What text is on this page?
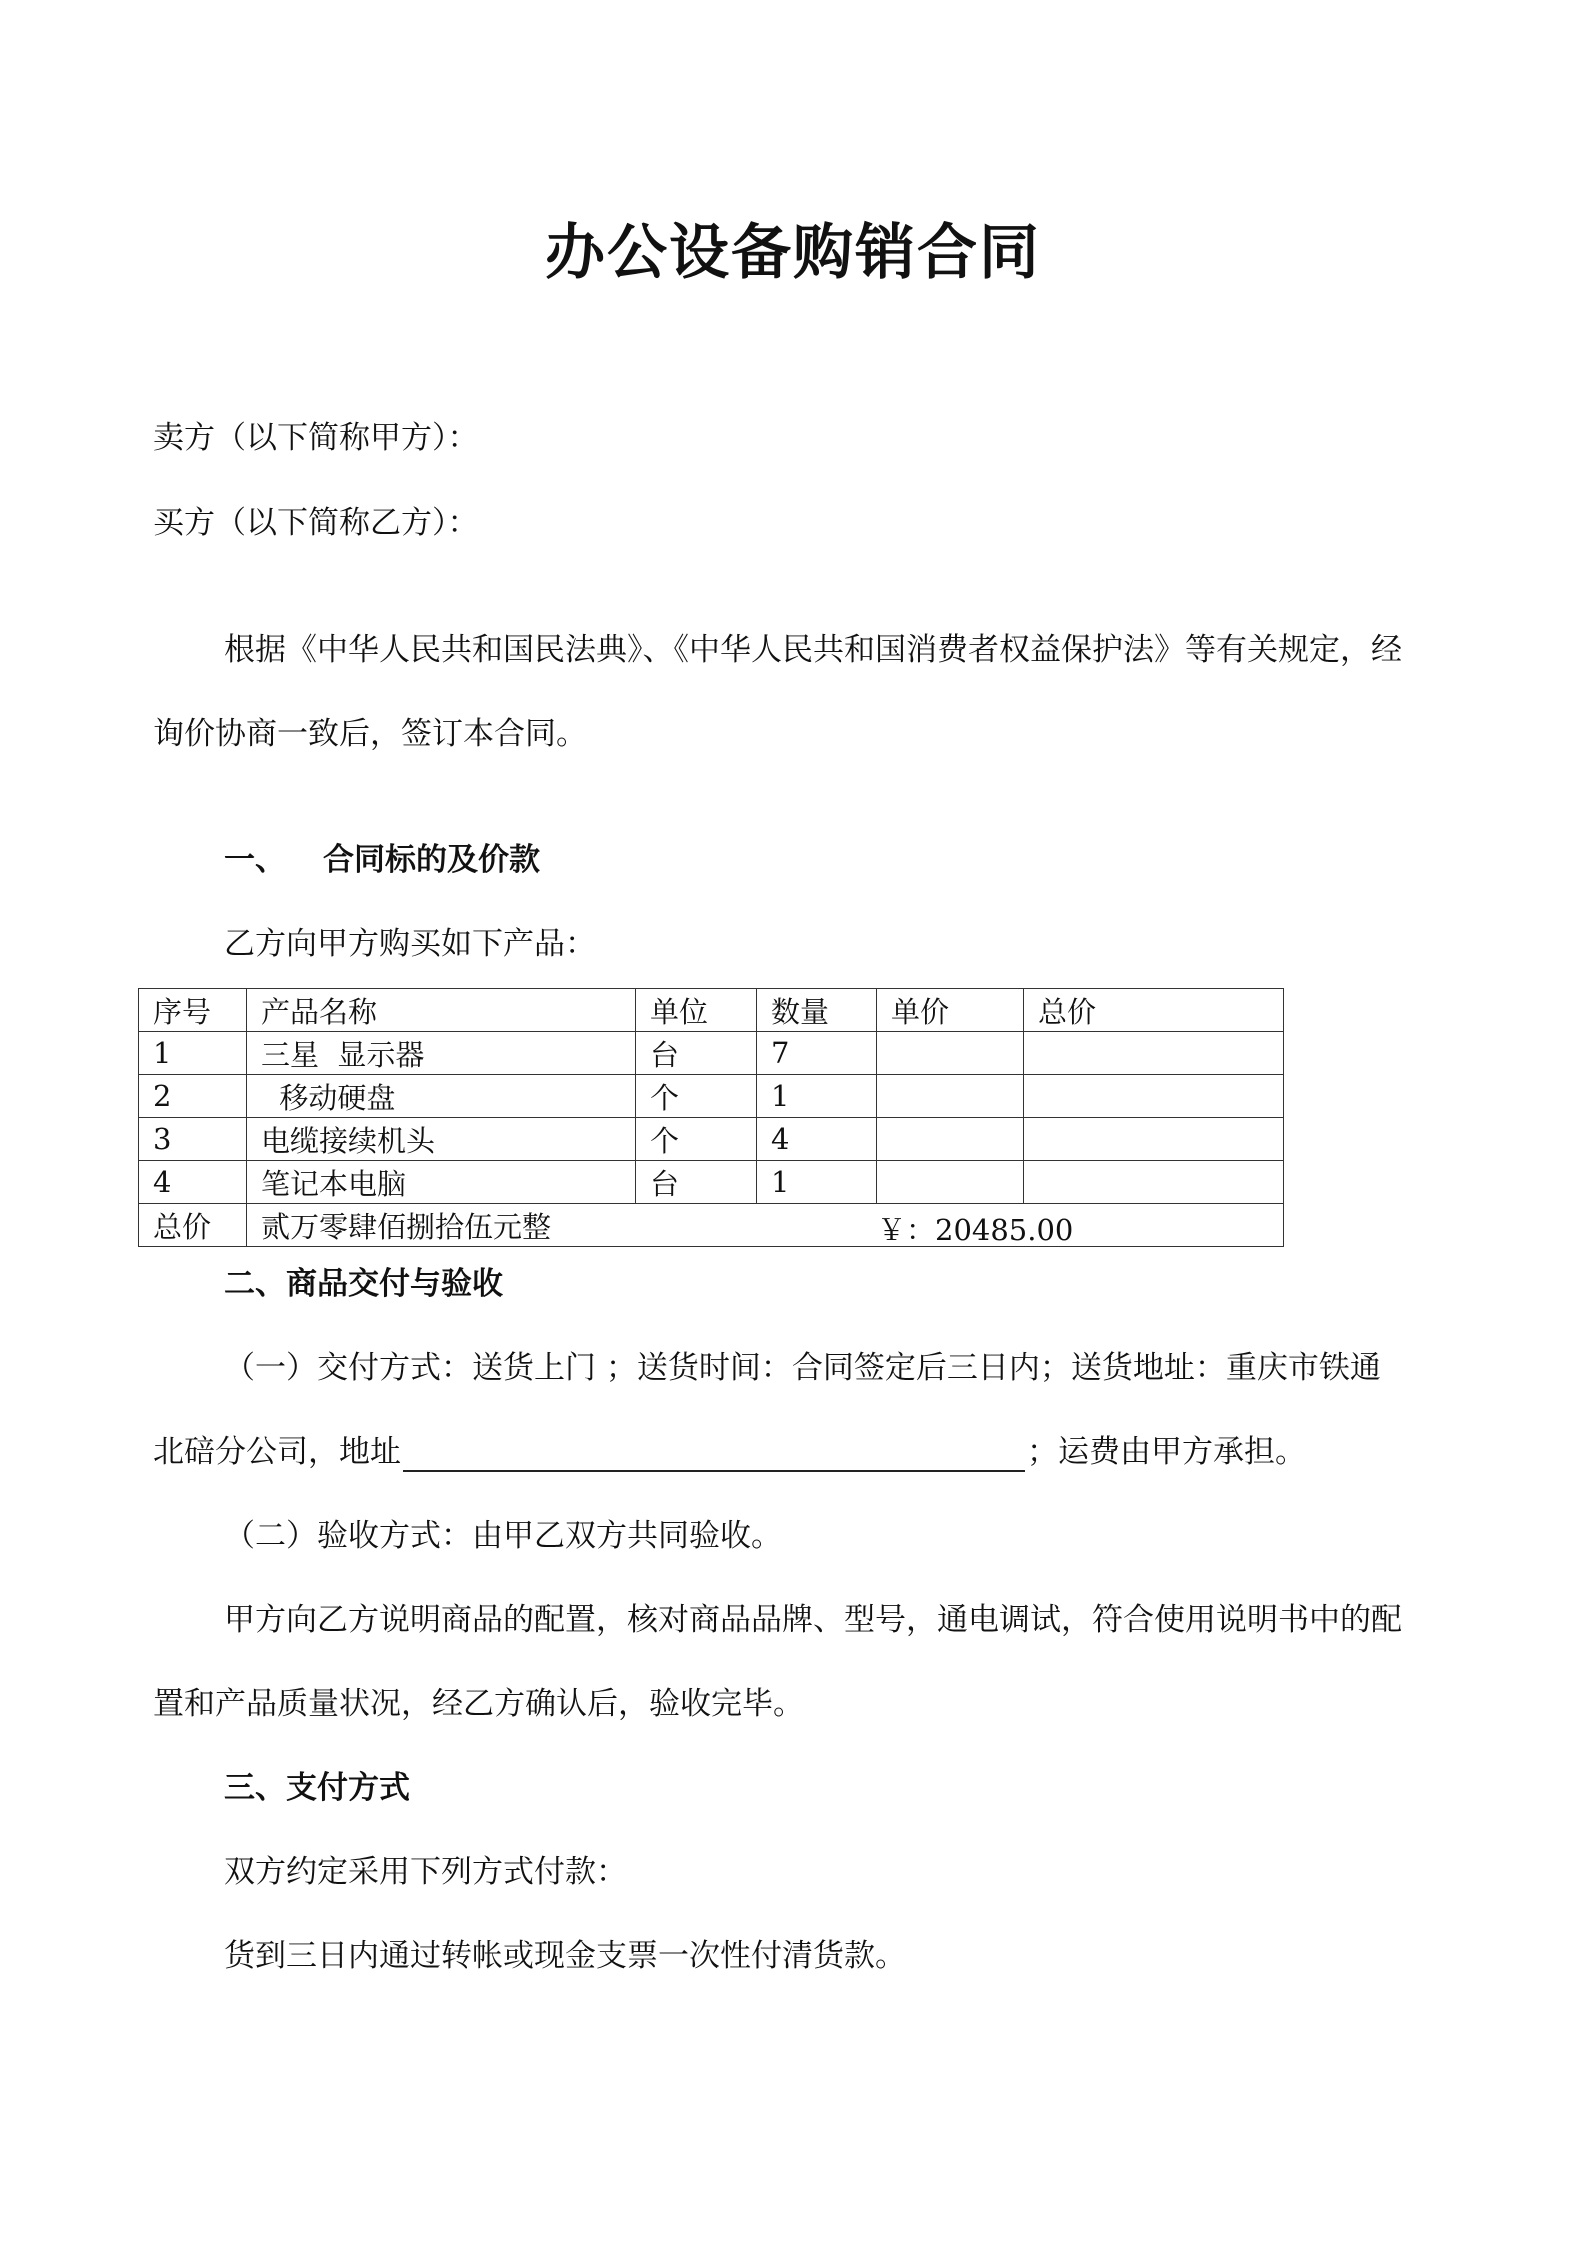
办公设备购销合同
卖方（以下简称甲方）：
买方（以下简称乙方）：
根据《中华人民共和国民法典》、《中华人民共和国消费者权益保护法》等有关规定，经
询价协商一致后，签订本合同。
一、 合同标的及价款
乙方向甲方购买如下产品：
序号	产品名称	单位	数量	单价	总价
1	三星  显示器	台	7		
2	移动硬盘	个	1		
3	电缆接续机头	个	4		
4	笔记本电脑	台	1		
总价	贰万零肆佰捌拾伍元整 ￥：20485.00				
二、商品交付与验收
（一）交付方式：送货上门 ；送货时间：合同签定后三日内；送货地址：重庆市铁通
北碚分公司，地址	；运费由甲方承担。
（二）验收方式：由甲乙双方共同验收。
甲方向乙方说明商品的配置，核对商品品牌、型号，通电调试，符合使用说明书中的配
置和产品质量状况，经乙方确认后，验收完毕。
三、支付方式
双方约定采用下列方式付款：
货到三日内通过转帐或现金支票一次性付清货款。
